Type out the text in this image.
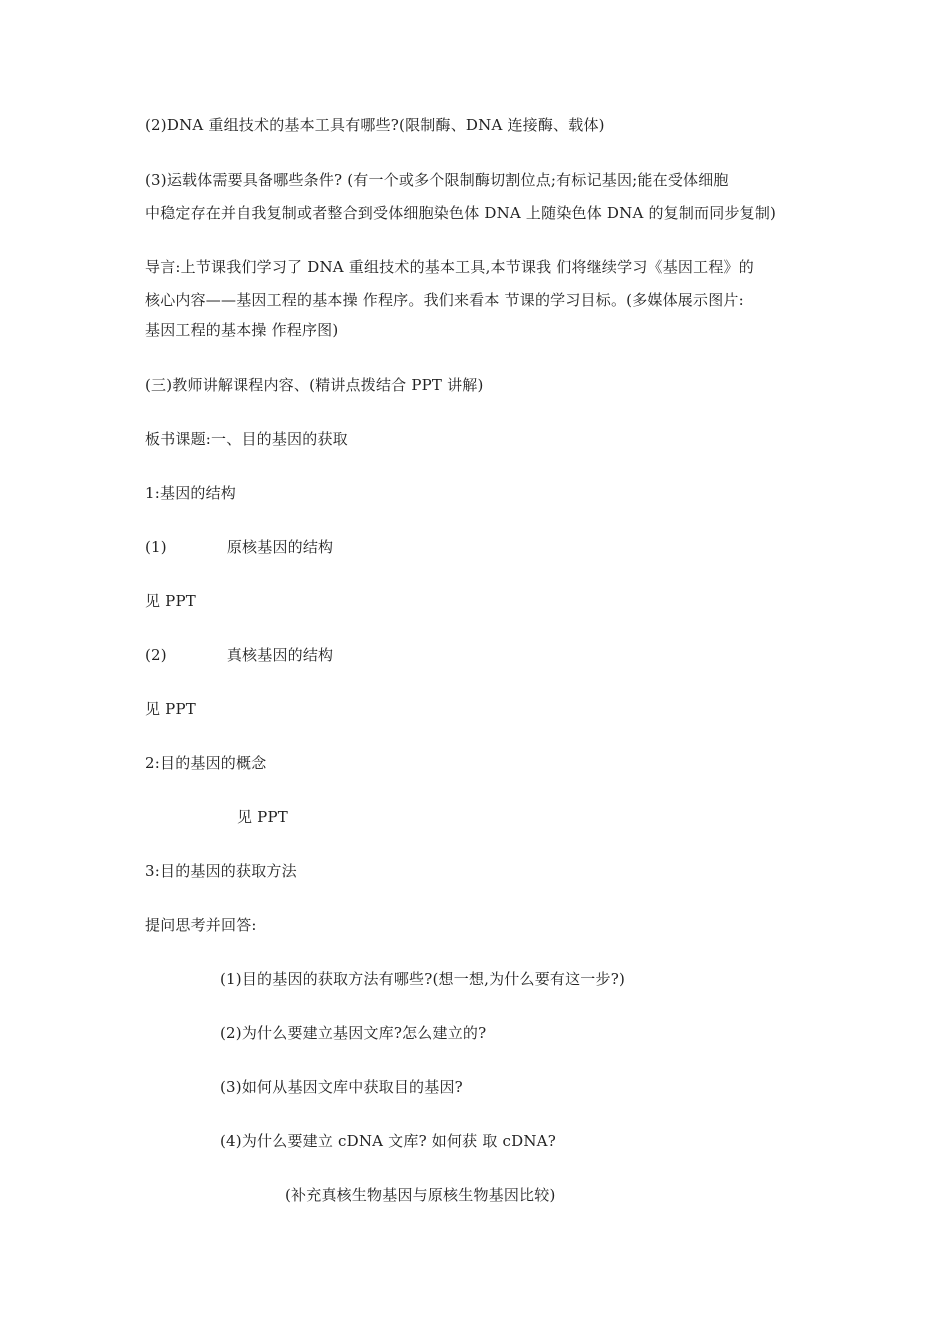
(2)DNA 重组技术的基本工具有哪些?(限制酶、DNA 连接酶、载体)
(3)运载体需要具备哪些条件? (有一个或多个限制酶切割位点;有标记基因;能在受体细胞
中稳定存在并自我复制或者整合到受体细胞染色体 DNA 上随染色体 DNA 的复制而同步复制)
导言:上节课我们学习了 DNA 重组技术的基本工具,本节课我 们将继续学习《基因工程》的
核心内容——基因工程的基本操 作程序。我们来看本 节课的学习目标。(多媒体展示图片:
基因工程的基本操 作程序图)
(三)教师讲解课程内容、(精讲点拨结合 PPT 讲解)
板书课题:一、目的基因的获取
1:基因的结构
(1)	原核基因的结构
见 PPT
(2)	真核基因的结构
见 PPT
2:目的基因的概念
见 PPT
3:目的基因的获取方法
提问思考并回答:
(1)目的基因的获取方法有哪些?(想一想,为什么要有这一步?)
(2)为什么要建立基因文库?怎么建立的?
(3)如何从基因文库中获取目的基因?
(4)为什么要建立 cDNA 文库? 如何获 取 cDNA?
(补充真核生物基因与原核生物基因比较)
